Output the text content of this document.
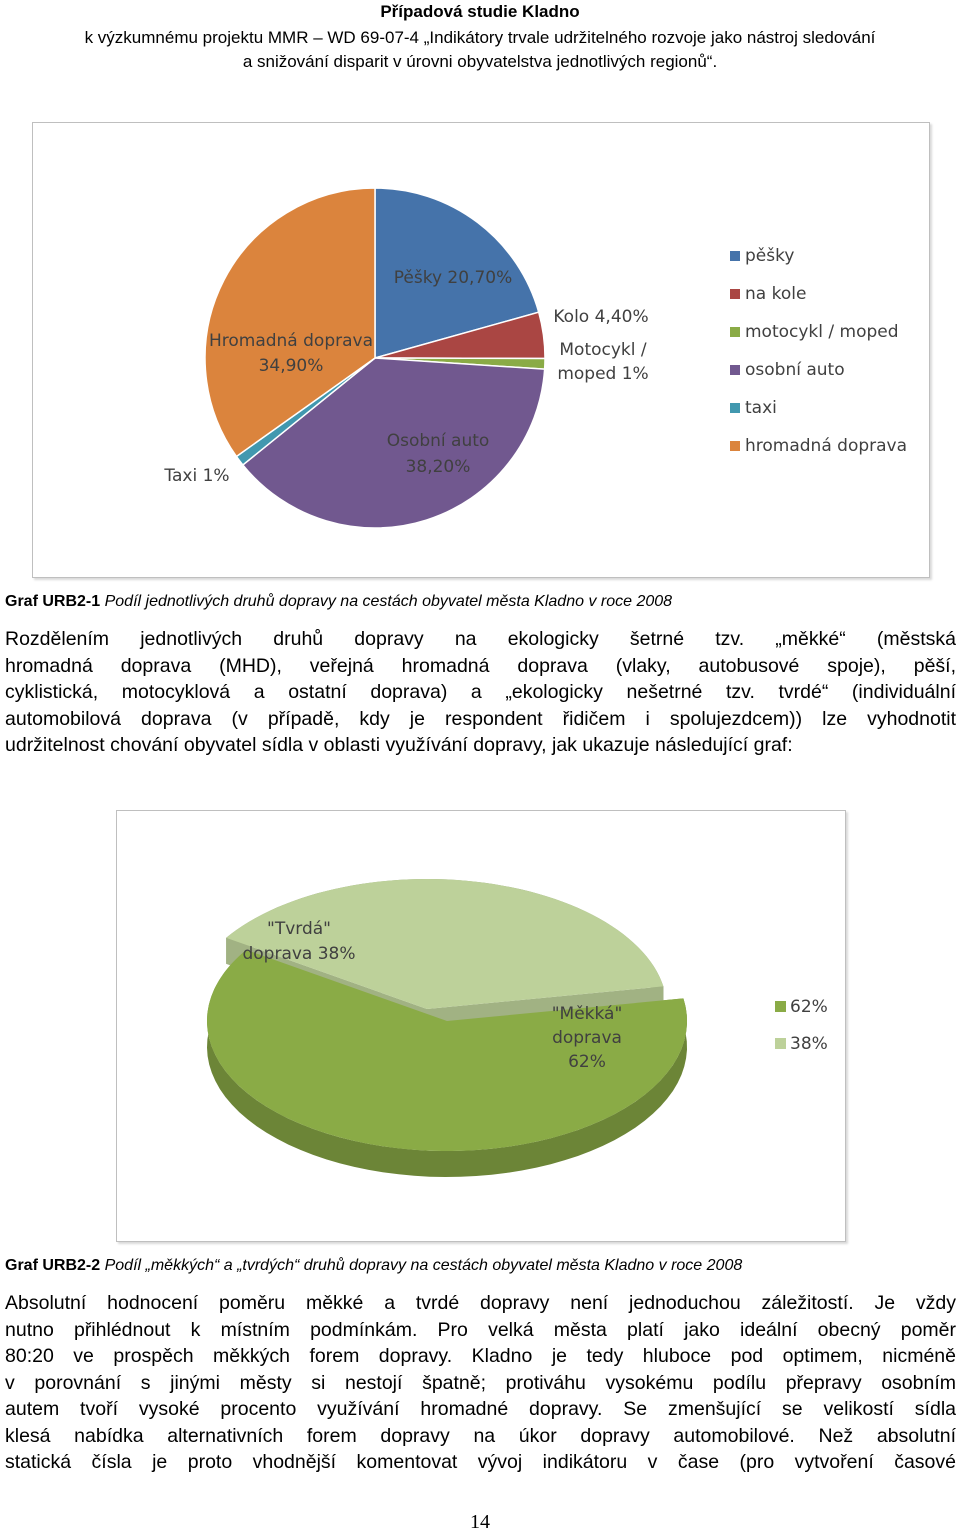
Případová studie Kladno
k výzkumnému projektu MMR – WD 69-07-4 „Indikátory trvale udržitelného rozvoje jako nástroj sledování
a snižování disparit v úrovni obyvatelstva jednotlivých regionů“.
Pěšky 20,70%
Kolo 4,40%
Motocykl /
moped 1%
Osobní auto
38,20%
Taxi 1%
Hromadná doprava
34,90%
pěšky
na kole
motocykl / moped
osobní auto
taxi
hromadná doprava
Graf URB2-1 Podíl jednotlivých druhů dopravy na cestách obyvatel města Kladno v roce 2008
Rozdělením jednotlivých druhů dopravy na ekologicky šetrné tzv. „měkké“ (městská
hromadná doprava (MHD), veřejná hromadná doprava (vlaky, autobusové spoje), pěší,
cyklistická, motocyklová a ostatní doprava) a „ekologicky nešetrné tzv. tvrdé“ (individuální
automobilová doprava (v případě, kdy je respondent řidičem i spolujezdcem)) lze vyhodnotit
udržitelnost chování obyvatel sídla v oblasti využívání dopravy, jak ukazuje následující graf:
"Tvrdá"
doprava 38%
"Měkká"
doprava
62%
62%
38%
Graf URB2-2 Podíl „měkkých“ a „tvrdých“ druhů dopravy na cestách obyvatel města Kladno v roce 2008
Absolutní hodnocení poměru měkké a tvrdé dopravy není jednoduchou záležitostí. Je vždy
nutno přihlédnout k místním podmínkám. Pro velká města platí jako ideální obecný poměr
80:20 ve prospěch měkkých forem dopravy. Kladno je tedy hluboce pod optimem, nicméně
v porovnání s jinými městy si nestojí špatně; protiváhu vysokému podílu přepravy osobním
autem tvoří vysoké procento využívání hromadné dopravy. Se zmenšující se velikostí sídla
klesá nabídka alternativních forem dopravy na úkor dopravy automobilové. Než absolutní
statická čísla je proto vhodnější komentovat vývoj indikátoru v čase (pro vytvoření časové
14
